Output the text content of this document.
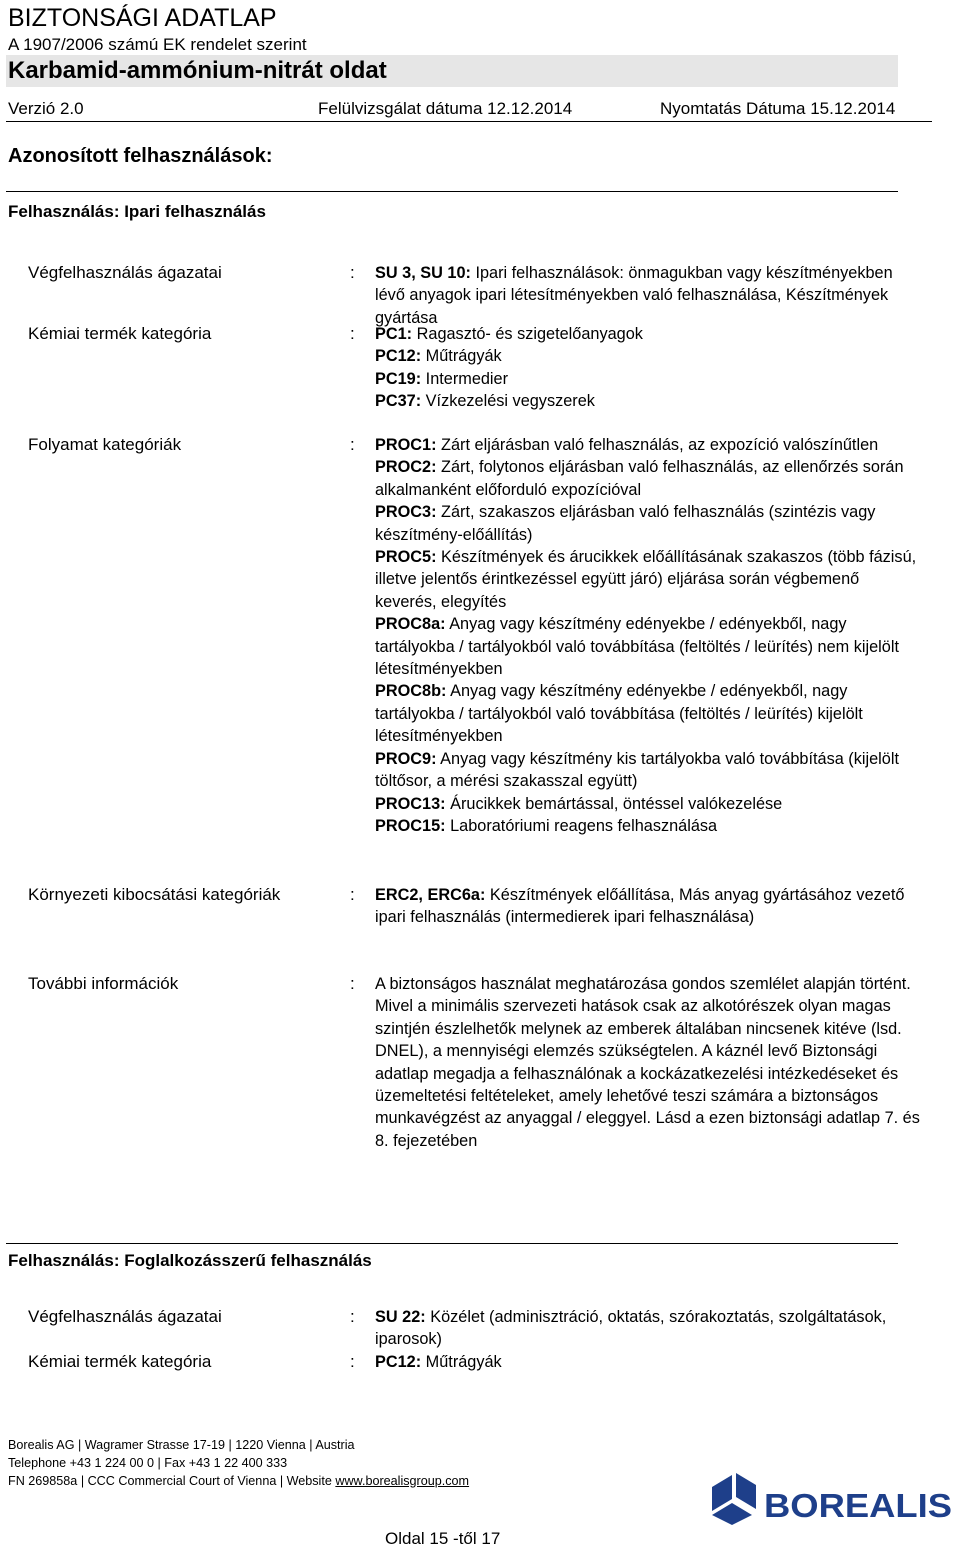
BIZTONSÁGI ADATLAP
A 1907/2006 számú EK rendelet szerint
Karbamid-ammónium-nitrát oldat
Verzió 2.0	Felülvizsgálat dátuma 12.12.2014	Nyomtatás Dátuma 15.12.2014
Azonosított felhasználások:
Felhasználás: Ipari felhasználás
Végfelhasználás ágazatai	: SU 3, SU 10: Ipari felhasználások: önmagukban vagy készítményekben lévő anyagok ipari létesítményekben való felhasználása, Készítmények gyártása

Kémiai termék kategória	: PC1: Ragasztó- és szigetelőanyagok

PC12: Műtrágyák

PC19: Intermedier

PC37: Vízkezelési vegyszerek

Folyamat kategóriák	: PROC1: Zárt eljárásban való felhasználás, az expozíció valószínűtlen

PROC2: Zárt, folytonos eljárásban való felhasználás, az ellenőrzés során alkalmanként előforduló expozícióval

PROC3: Zárt, szakaszos eljárásban való felhasználás (szintézis vagy készítmény-előállítás)

PROC5: Készítmények és árucikkek előállításának szakaszos (több fázisú, illetve jelentős érintkezéssel együtt járó) eljárása során végbemenő keverés, elegyítés

PROC8a: Anyag vagy készítmény edényekbe / edényekből, nagy tartályokba / tartályokból való továbbítása (feltöltés / leürítés) nem kijelölt létesítményekben

PROC8b: Anyag vagy készítmény edényekbe / edényekből, nagy tartályokba / tartályokból való továbbítása (feltöltés / leürítés) kijelölt létesítményekben

PROC9: Anyag vagy készítmény kis tartályokba való továbbítása (kijelölt töltősor, a mérési szakasszal együtt)

PROC13: Árucikkek bemártással, öntéssel valókezelése

PROC15: Laboratóriumi reagens felhasználása

Környezeti kibocsátási kategóriák	: ERC2, ERC6a: Készítmények előállítása, Más anyag gyártásához vezető ipari felhasználás (intermedierek ipari felhasználása)

További információk	: A biztonságos használat meghatározása gondos szemlélet alapján történt. Mivel a minimális szervezeti hatások csak az alkotórészek olyan magas szintjén észlelhetők melynek az emberek általában nincsenek kitéve (lsd. DNEL), a mennyiségi elemzés szükségtelen. A káznél levő Biztonsági adatlap megadja a felhasználónak a kockázatkezelési intézkedéseket és üzemeltetési feltételeket, amely lehetővé teszi számára a biztonságos munkavégzést az anyaggal / eleggyel. Lásd a ezen biztonsági adatlap 7. és 8. fejezetében

Felhasználás: Foglalkozásszerű felhasználás
Végfelhasználás ágazatai	: SU 22: Közélet (adminisztráció, oktatás, szórakoztatás, szolgáltatások, iparosok)

Kémiai termék kategória	: PC12: Műtrágyák

Borealis AG | Wagramer Strasse 17-19 | 1220 Vienna | Austria
Telephone +43 1 224 00 0 | Fax +43 1 22 400 333
FN 269858a | CCC Commercial Court of Vienna | Website www.borealisgroup.com
BOREALIS
Oldal 15 -től 17
